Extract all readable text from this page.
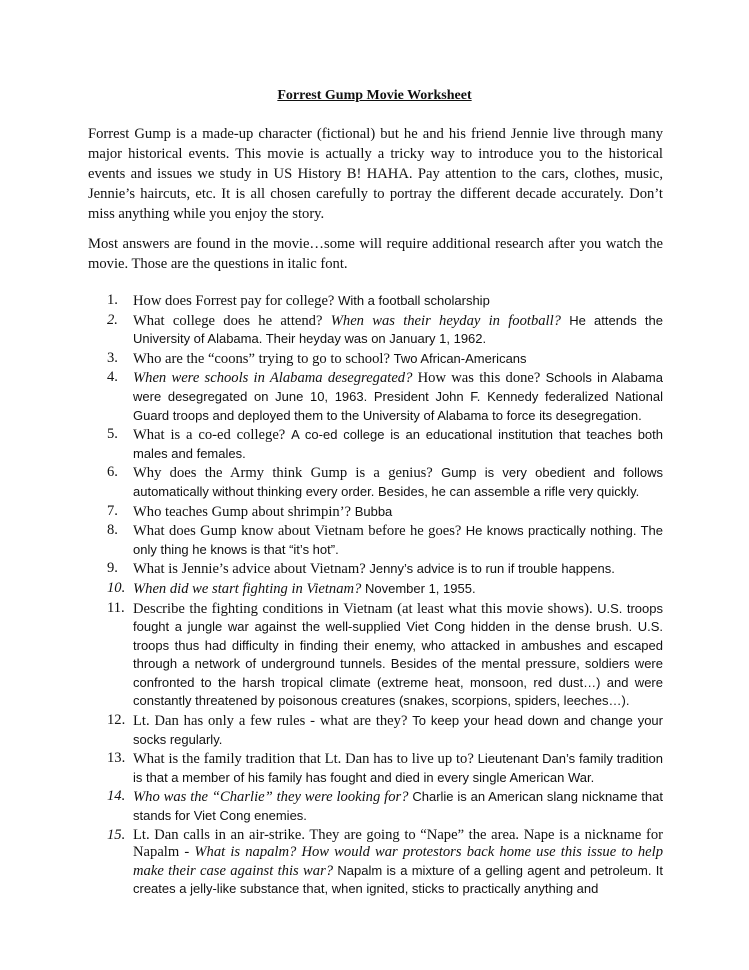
Forrest Gump Movie Worksheet
Forrest Gump is a made-up character (fictional) but he and his friend Jennie live through many major historical events. This movie is actually a tricky way to introduce you to the historical events and issues we study in US History B! HAHA. Pay attention to the cars, clothes, music, Jennie’s haircuts, etc. It is all chosen carefully to portray the different decade accurately. Don’t miss anything while you enjoy the story.
Most answers are found in the movie…some will require additional research after you watch the movie. Those are the questions in italic font.
1. How does Forrest pay for college? With a football scholarship
2. What college does he attend? When was their heyday in football? He attends the University of Alabama. Their heyday was on January 1, 1962.
3. Who are the “coons” trying to go to school? Two African-Americans
4. When were schools in Alabama desegregated? How was this done? Schools in Alabama were desegregated on June 10, 1963. President John F. Kennedy federalized National Guard troops and deployed them to the University of Alabama to force its desegregation.
5. What is a co-ed college? A co-ed college is an educational institution that teaches both males and females.
6. Why does the Army think Gump is a genius? Gump is very obedient and follows automatically without thinking every order. Besides, he can assemble a rifle very quickly.
7. Who teaches Gump about shrimpin’? Bubba
8. What does Gump know about Vietnam before he goes? He knows practically nothing. The only thing he knows is that “it’s hot”.
9. What is Jennie’s advice about Vietnam? Jenny’s advice is to run if trouble happens.
10. When did we start fighting in Vietnam? November 1, 1955.
11. Describe the fighting conditions in Vietnam (at least what this movie shows). U.S. troops fought a jungle war against the well-supplied Viet Cong hidden in the dense brush. U.S. troops thus had difficulty in finding their enemy, who attacked in ambushes and escaped through a network of underground tunnels. Besides of the mental pressure, soldiers were confronted to the harsh tropical climate (extreme heat, monsoon, red dust…) and were constantly threatened by poisonous creatures (snakes, scorpions, spiders, leeches…).
12. Lt. Dan has only a few rules - what are they? To keep your head down and change your socks regularly.
13. What is the family tradition that Lt. Dan has to live up to? Lieutenant Dan’s family tradition is that a member of his family has fought and died in every single American War.
14. Who was the “Charlie” they were looking for? Charlie is an American slang nickname that stands for Viet Cong enemies.
15. Lt. Dan calls in an air-strike. They are going to “Nape” the area. Nape is a nickname for Napalm - What is napalm? How would war protestors back home use this issue to help make their case against this war? Napalm is a mixture of a gelling agent and petroleum. It creates a jelly-like substance that, when ignited, sticks to practically anything and
